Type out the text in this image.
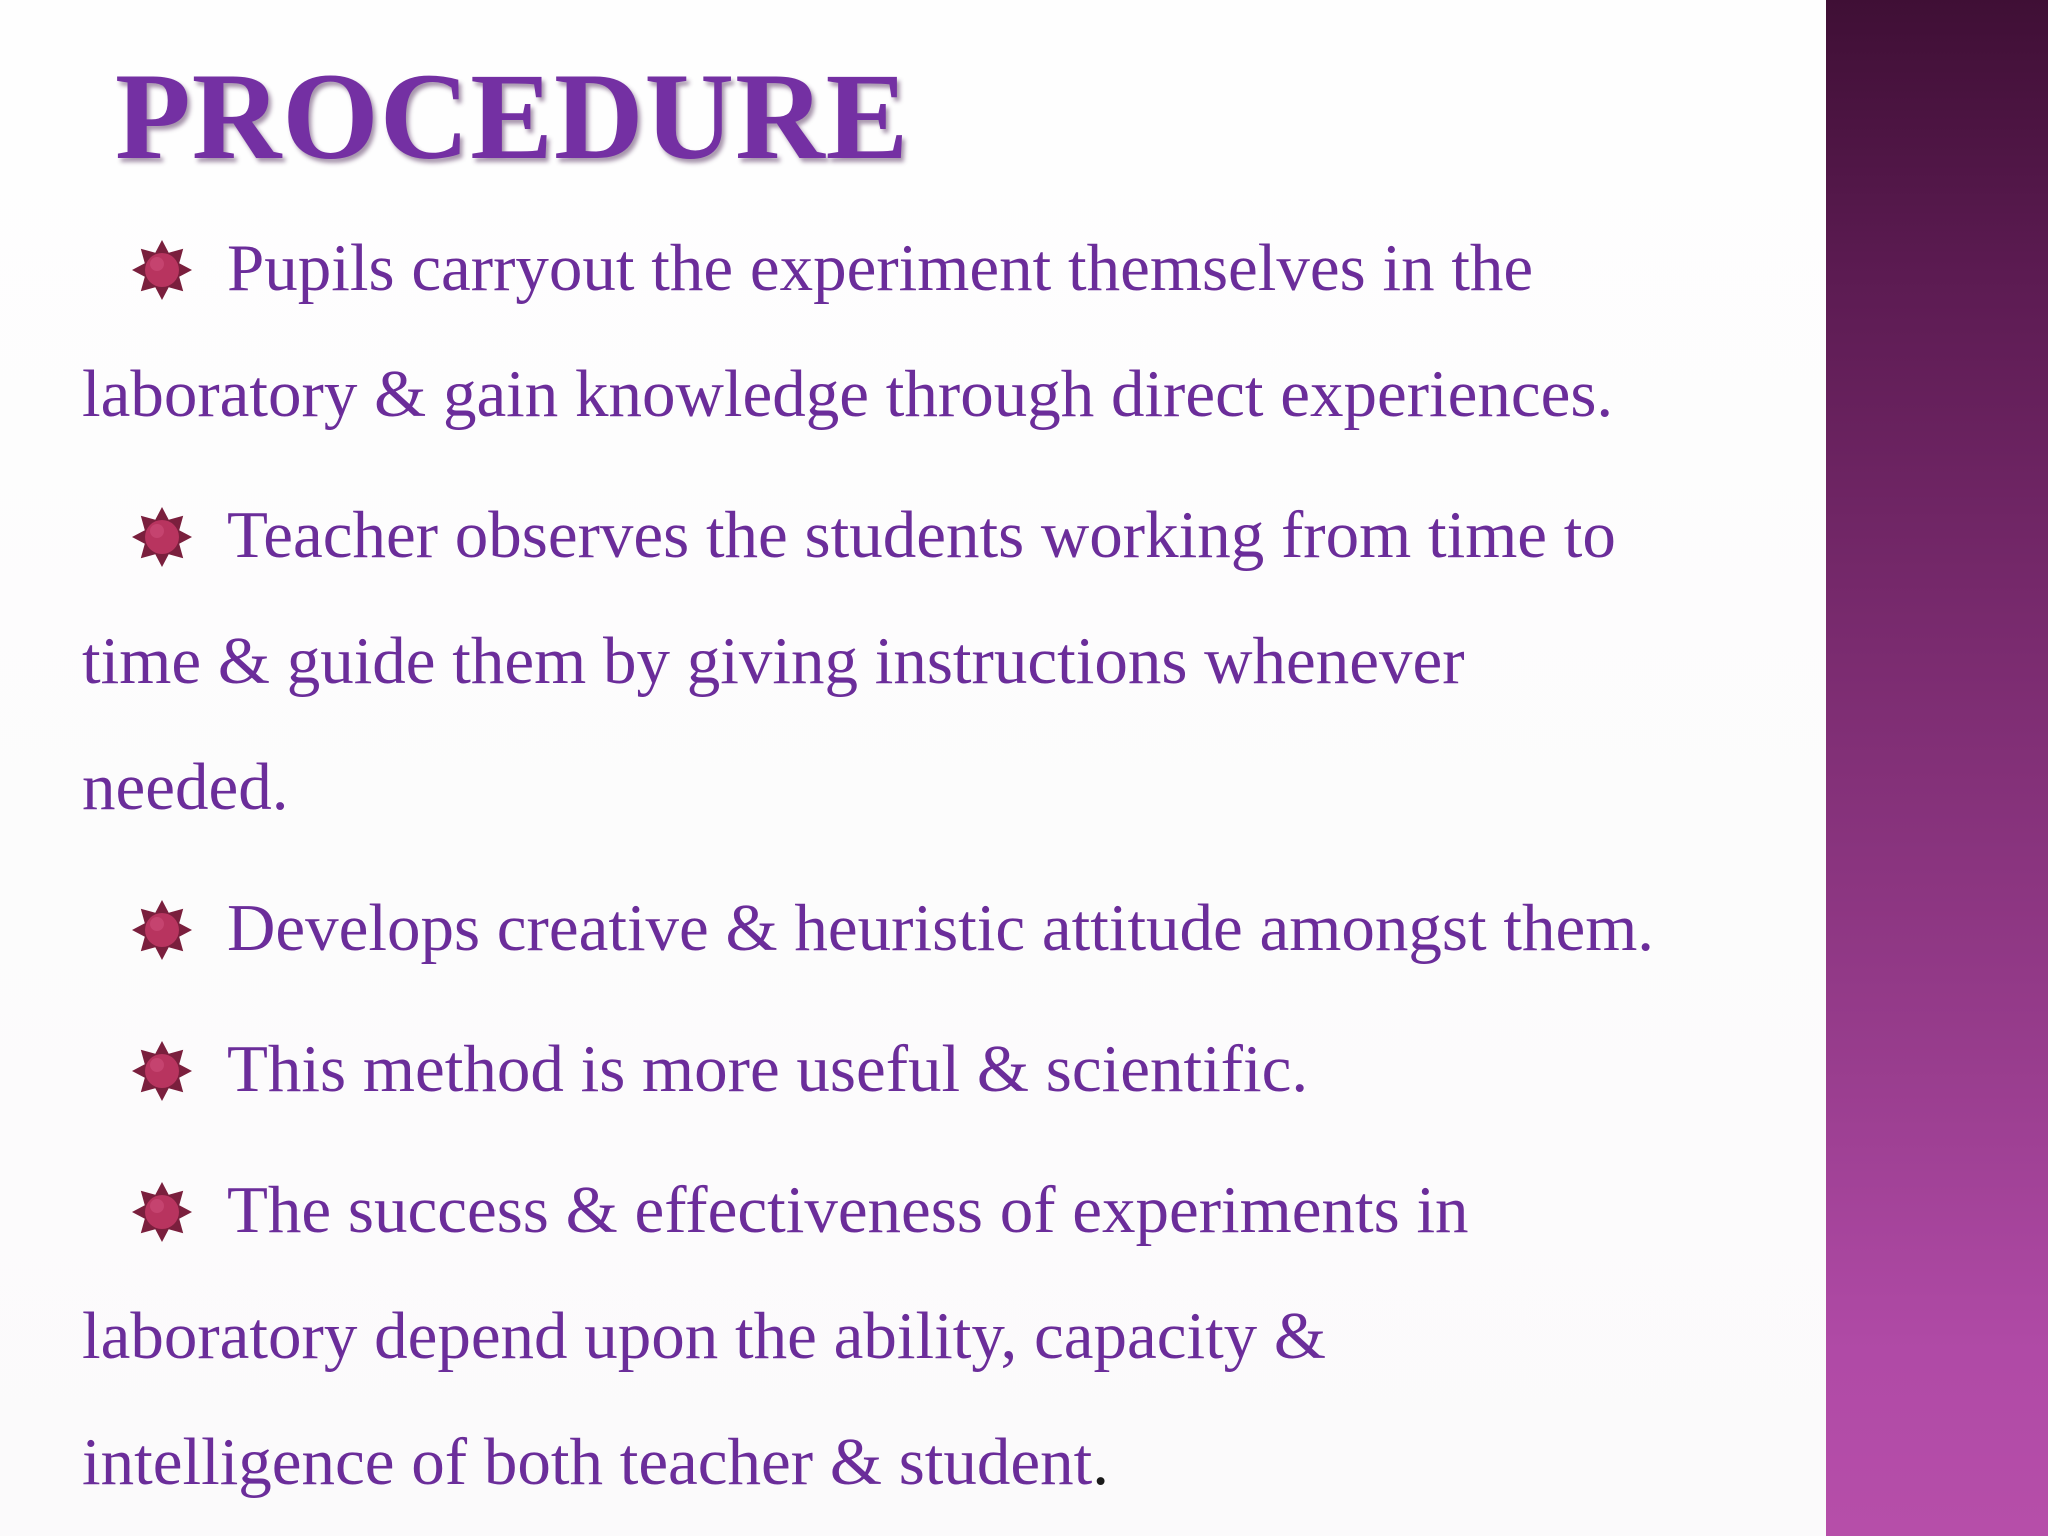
PROCEDURE

Pupils carryout the experiment themselves in the
laboratory & gain knowledge through direct experiences.

Teacher observes the students working from time to
time & guide them by giving instructions whenever
needed.

Develops creative & heuristic attitude amongst them.

This method is more useful & scientific.

The success & effectiveness of experiments in
laboratory depend upon the ability, capacity &
intelligence of both teacher & student.
